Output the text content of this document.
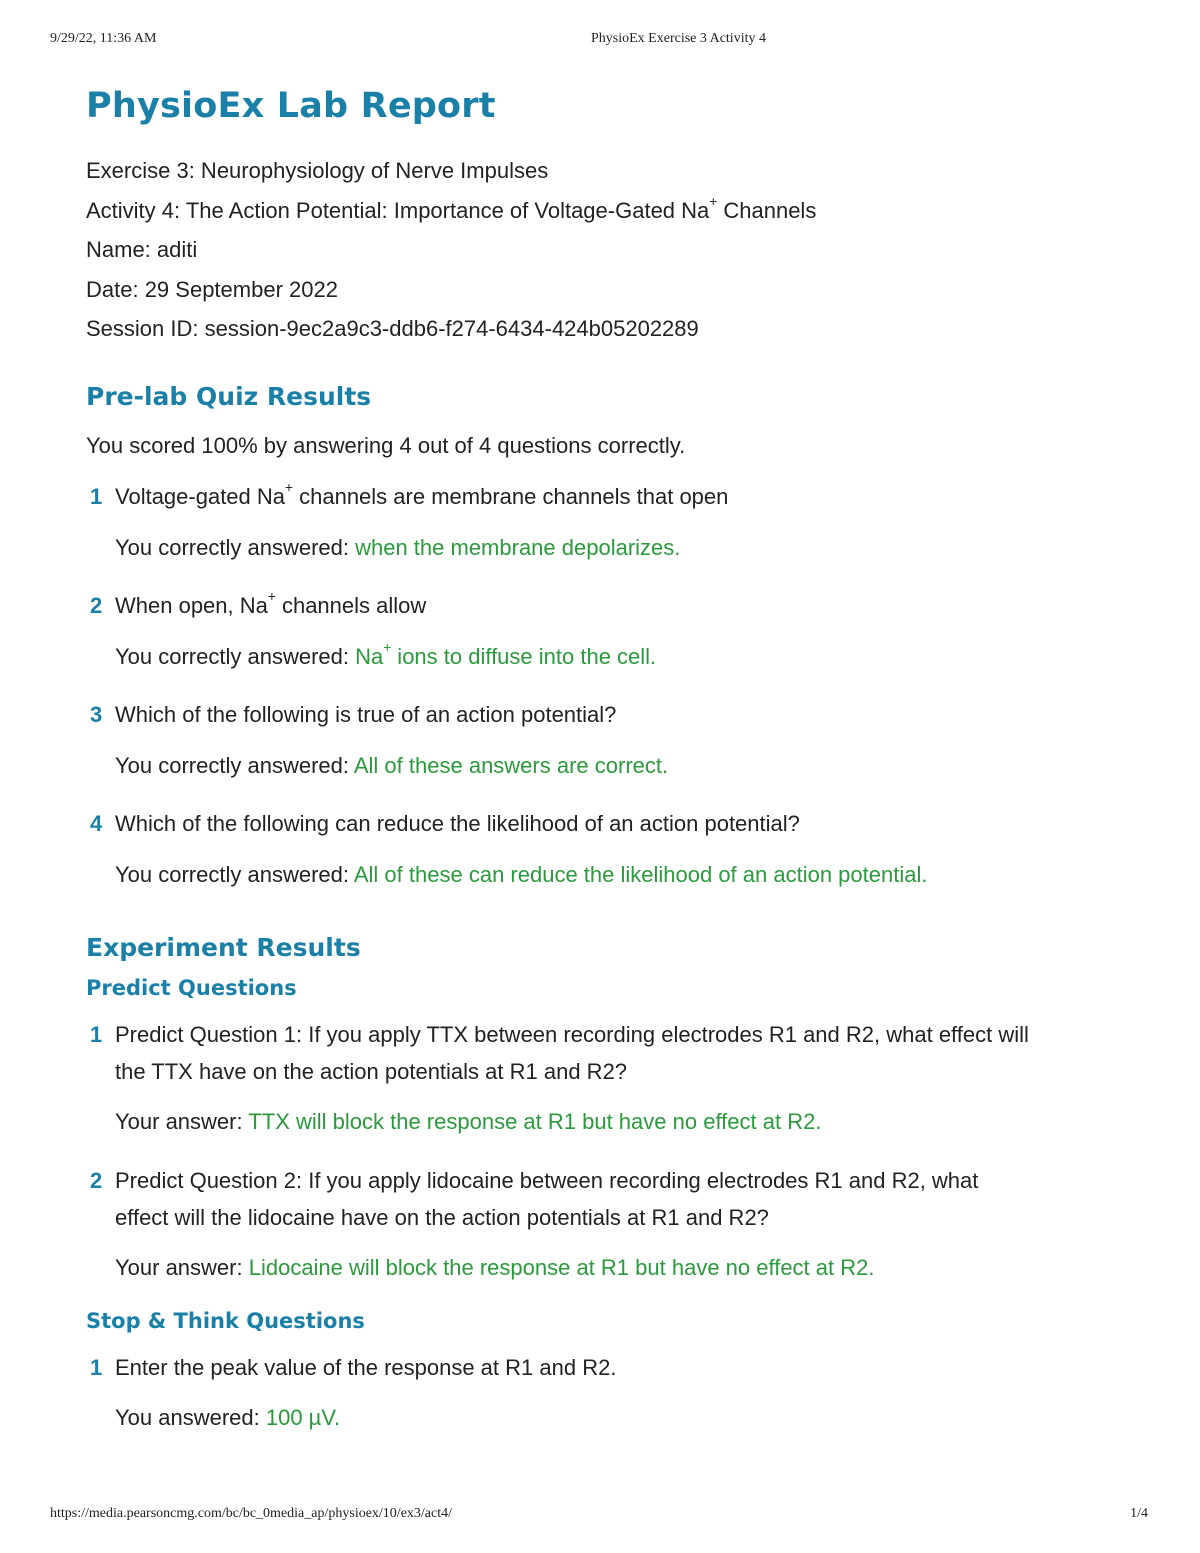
9/29/22, 11:36 AM	PhysioEx Exercise 3 Activity 4
PhysioEx Lab Report
Exercise 3: Neurophysiology of Nerve Impulses
Activity 4: The Action Potential: Importance of Voltage-Gated Na+ Channels
Name: aditi
Date: 29 September 2022
Session ID: session-9ec2a9c3-ddb6-f274-6434-424b05202289
Pre-lab Quiz Results
You scored 100% by answering 4 out of 4 questions correctly.
1 Voltage-gated Na+ channels are membrane channels that open
You correctly answered: when the membrane depolarizes.
2 When open, Na+ channels allow
You correctly answered: Na+ ions to diffuse into the cell.
3 Which of the following is true of an action potential?
You correctly answered: All of these answers are correct.
4 Which of the following can reduce the likelihood of an action potential?
You correctly answered: All of these can reduce the likelihood of an action potential.
Experiment Results
Predict Questions
1 Predict Question 1: If you apply TTX between recording electrodes R1 and R2, what effect will
the TTX have on the action potentials at R1 and R2?
Your answer: TTX will block the response at R1 but have no effect at R2.
2 Predict Question 2: If you apply lidocaine between recording electrodes R1 and R2, what
effect will the lidocaine have on the action potentials at R1 and R2?
Your answer: Lidocaine will block the response at R1 but have no effect at R2.
Stop & Think Questions
1 Enter the peak value of the response at R1 and R2.
You answered: 100 µV.
https://media.pearsoncmg.com/bc/bc_0media_ap/physioex/10/ex3/act4/	1/4
